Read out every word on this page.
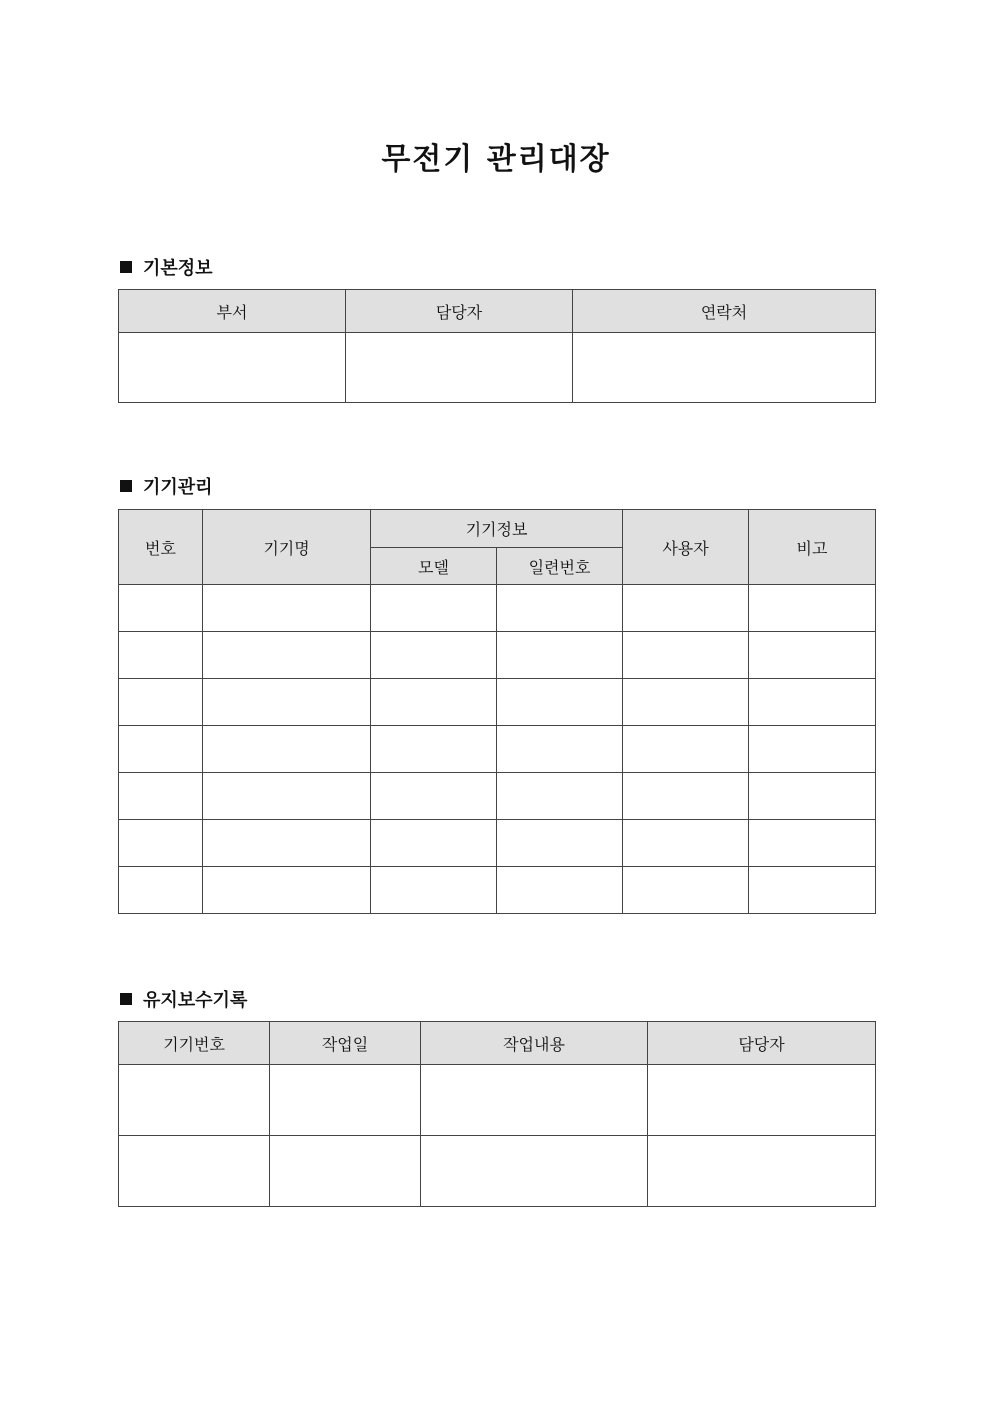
무전기 관리대장
기본정보
부서	담당자	연락처

기기관리
번호	기기명	기기정보		사용자	비고
		모델	일련번호		

유지보수기록
기기번호	작업일	작업내용	담당자
